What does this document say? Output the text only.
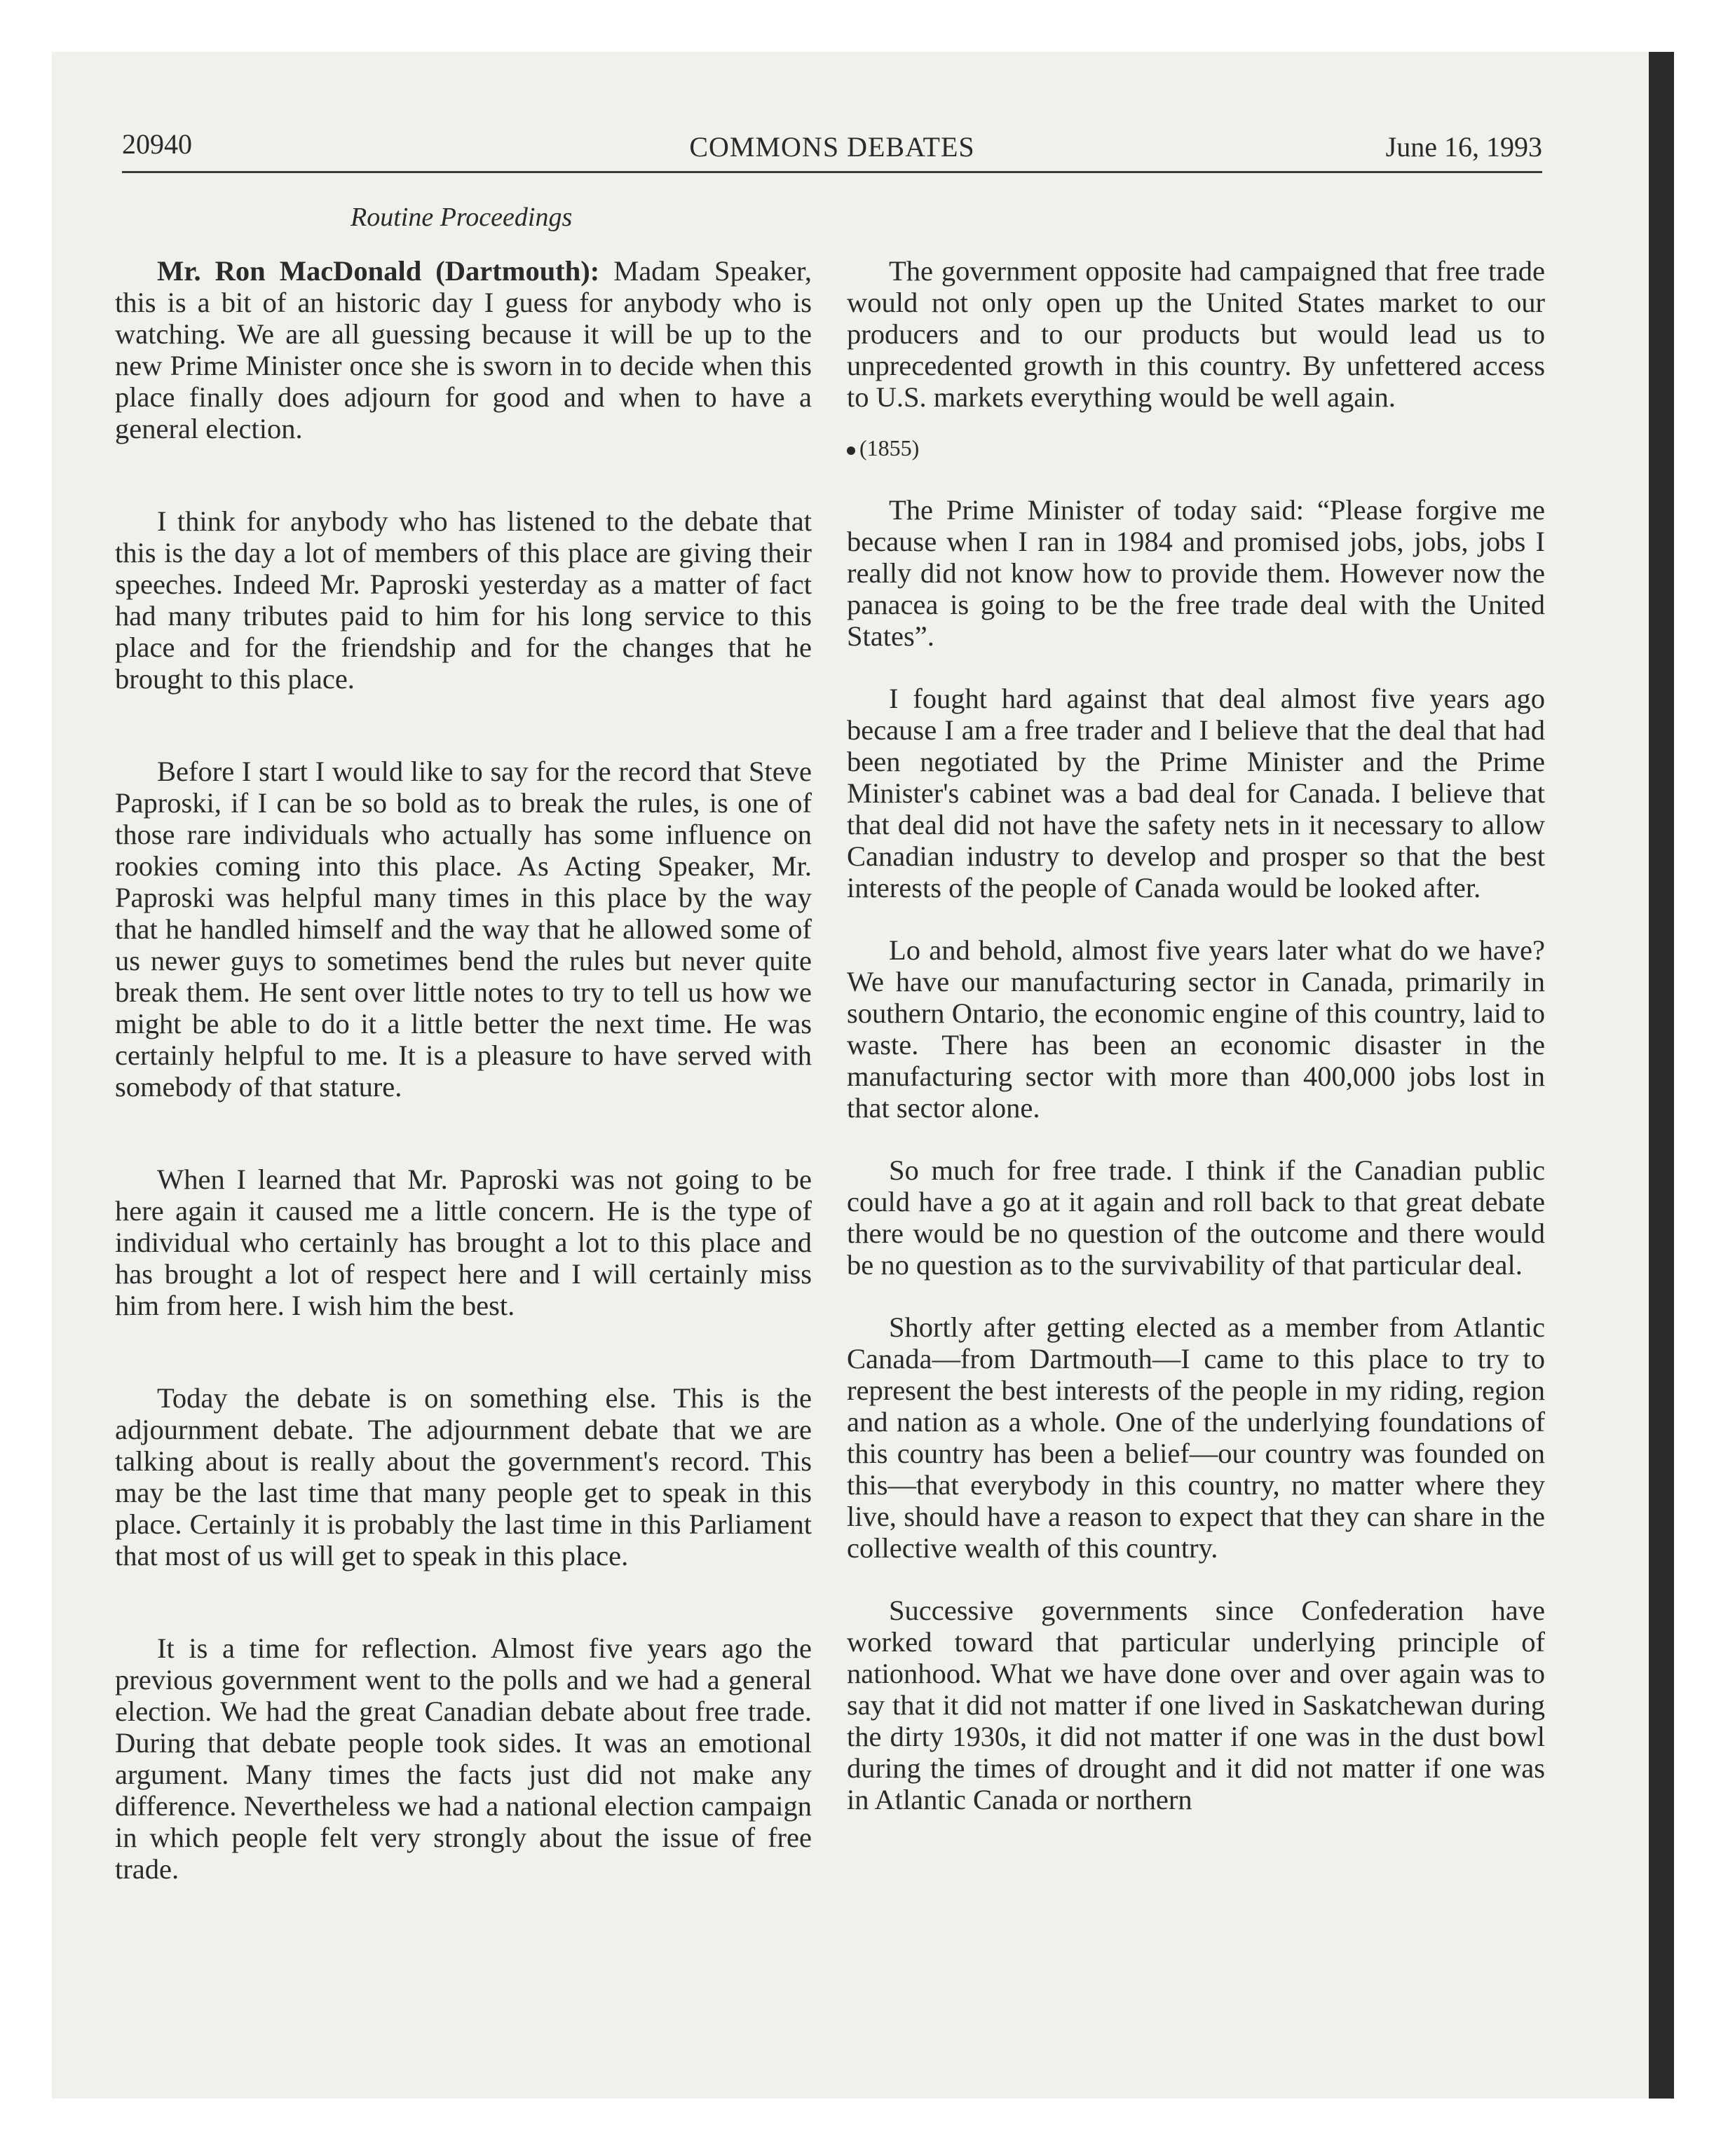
20940	COMMONS DEBATES	June 16, 1993
Routine Proceedings

Mr. Ron MacDonald (Dartmouth): Madam Speaker, this is a bit of an historic day I guess for anybody who is watching. We are all guessing because it will be up to the new Prime Minister once she is sworn in to decide when this place finally does adjourn for good and when to have a general election.

I think for anybody who has listened to the debate that this is the day a lot of members of this place are giving their speeches. Indeed Mr. Paproski yesterday as a matter of fact had many tributes paid to him for his long service to this place and for the friendship and for the changes that he brought to this place.

Before I start I would like to say for the record that Steve Paproski, if I can be so bold as to break the rules, is one of those rare individuals who actually has some influence on rookies coming into this place. As Acting Speaker, Mr. Paproski was helpful many times in this place by the way that he handled himself and the way that he allowed some of us newer guys to sometimes bend the rules but never quite break them. He sent over little notes to try to tell us how we might be able to do it a little better the next time. He was certainly helpful to me. It is a pleasure to have served with somebody of that stature.

When I learned that Mr. Paproski was not going to be here again it caused me a little concern. He is the type of individual who certainly has brought a lot to this place and has brought a lot of respect here and I will certainly miss him from here. I wish him the best.

Today the debate is on something else. This is the adjournment debate. The adjournment debate that we are talking about is really about the government's record. This may be the last time that many people get to speak in this place. Certainly it is probably the last time in this Parliament that most of us will get to speak in this place.

It is a time for reflection. Almost five years ago the previous government went to the polls and we had a general election. We had the great Canadian debate about free trade. During that debate people took sides. It was an emotional argument. Many times the facts just did not make any difference. Nevertheless we had a national election campaign in which people felt very strongly about the issue of free trade.

The government opposite had campaigned that free trade would not only open up the United States market to our producers and to our products but would lead us to unprecedented growth in this country. By unfettered access to U.S. markets everything would be well again.

(1855)

The Prime Minister of today said: “Please forgive me because when I ran in 1984 and promised jobs, jobs, jobs I really did not know how to provide them. However now the panacea is going to be the free trade deal with the United States”.

I fought hard against that deal almost five years ago because I am a free trader and I believe that the deal that had been negotiated by the Prime Minister and the Prime Minister's cabinet was a bad deal for Canada. I believe that that deal did not have the safety nets in it necessary to allow Canadian industry to develop and prosper so that the best interests of the people of Canada would be looked after.

Lo and behold, almost five years later what do we have? We have our manufacturing sector in Canada, primarily in southern Ontario, the economic engine of this country, laid to waste. There has been an economic disaster in the manufacturing sector with more than 400,000 jobs lost in that sector alone.

So much for free trade. I think if the Canadian public could have a go at it again and roll back to that great debate there would be no question of the outcome and there would be no question as to the survivability of that particular deal.

Shortly after getting elected as a member from Atlantic Canada—from Dartmouth—I came to this place to try to represent the best interests of the people in my riding, region and nation as a whole. One of the underlying foundations of this country has been a belief—our country was founded on this—that everybody in this country, no matter where they live, should have a reason to expect that they can share in the collective wealth of this country.

Successive governments since Confederation have worked toward that particular underlying principle of nationhood. What we have done over and over again was to say that it did not matter if one lived in Saskatchewan during the dirty 1930s, it did not matter if one was in the dust bowl during the times of drought and it did not matter if one was in Atlantic Canada or northern
